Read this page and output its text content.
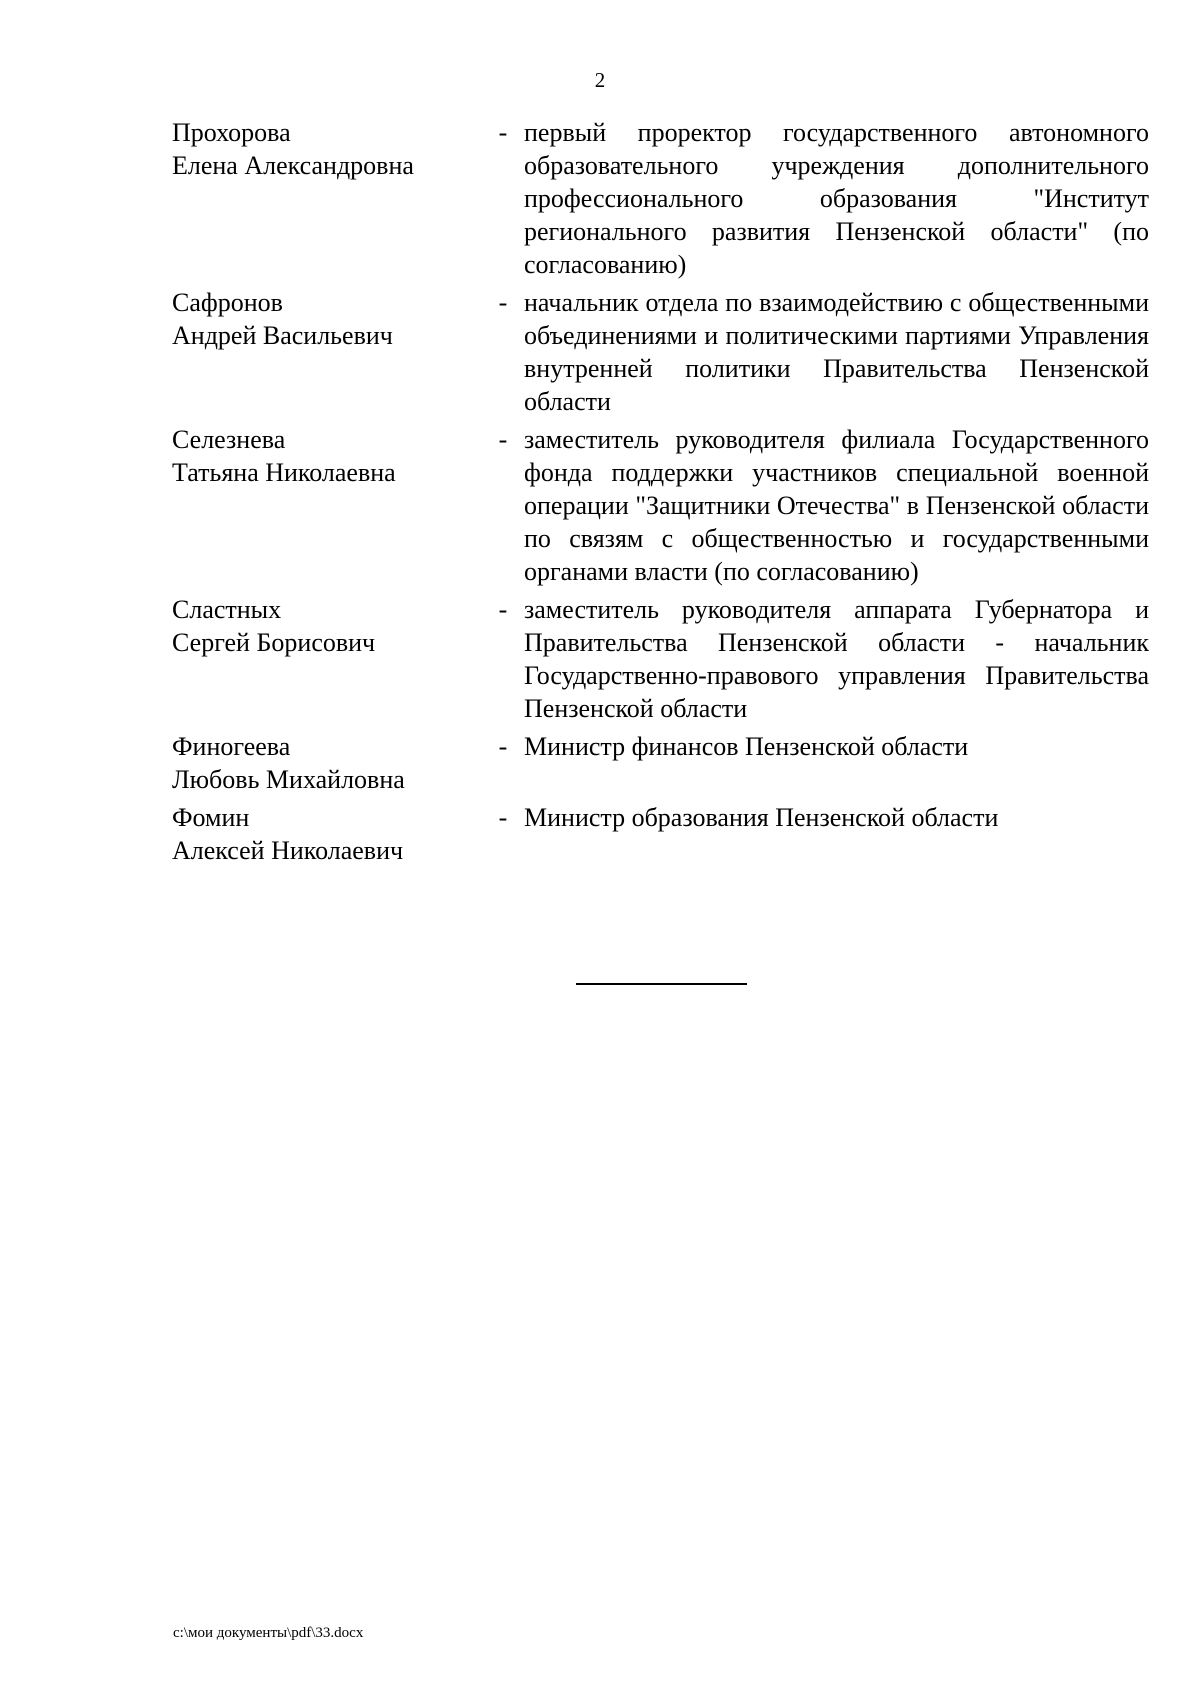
2
Прохорова
Елена Александровна
- первый проректор государственного автономного образовательного учреждения дополнительного профессионального образования "Институт регионального развития Пензенской области" (по согласованию)
Сафронов
Андрей Васильевич
- начальник отдела по взаимодействию с общественными объединениями и политическими партиями Управления внутренней политики Правительства Пензенской области
Селезнева
Татьяна Николаевна
- заместитель руководителя филиала Государственного фонда поддержки участников специальной военной операции "Защитники Отечества" в Пензенской области по связям с общественностью и государственными органами власти (по согласованию)
Сластных
Сергей Борисович
- заместитель руководителя аппарата Губернатора и Правительства Пензенской области - начальник Государственно-правового управления Правительства Пензенской области
Финогеева
Любовь Михайловна
- Министр финансов Пензенской области
Фомин
Алексей Николаевич
- Министр образования Пензенской области
c:\мои документы\pdf\33.docx
